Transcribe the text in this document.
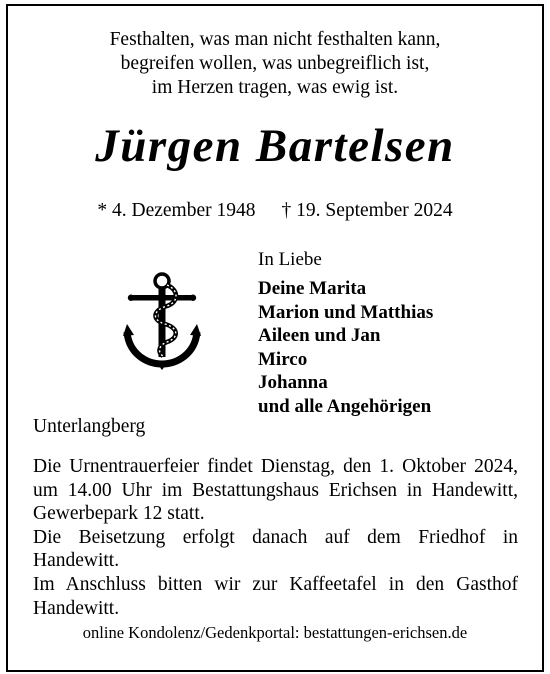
Festhalten, was man nicht festhalten kann,
begreifen wollen, was unbegreiflich ist,
im Herzen tragen, was ewig ist.
Jürgen Bartelsen
* 4. Dezember 1948 † 19. September 2024
In Liebe
Deine Marita
Marion und Matthias
Aileen und Jan
Mirco
Johanna
und alle Angehörigen
Unterlangberg
Die Urnentrauerfeier findet Dienstag, den 1. Oktober 2024,
um 14.00 Uhr im Bestattungshaus Erichsen in Handewitt,
Gewerbepark 12 statt.
Die Beisetzung erfolgt danach auf dem Friedhof in
Handewitt.
Im Anschluss bitten wir zur Kaffeetafel in den Gasthof
Handewitt.
online Kondolenz/Gedenkportal: bestattungen-erichsen.de
